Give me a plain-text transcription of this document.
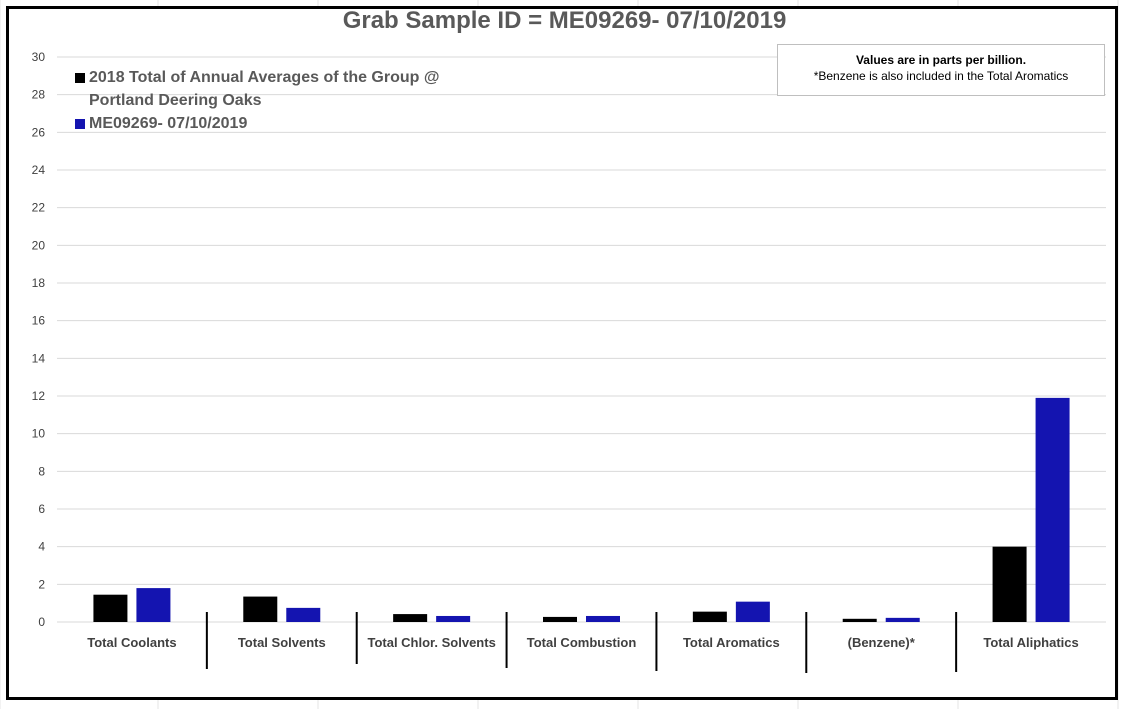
0
2
4
6
8
10
12
14
16
18
20
22
24
26
28
30
Total Coolants	Total Solvents	Total Chlor. Solvents Total Combustion	Total Aromatics	(Benzene)*	Total Aliphatics
Grab Sample ID = ME09269- 07/10/2019
2018 Total of Annual Averages of the Group @
Portland Deering Oaks
ME09269- 07/10/2019
Values are in parts per billion.
*Benzene is also included in the Total Aromatics
